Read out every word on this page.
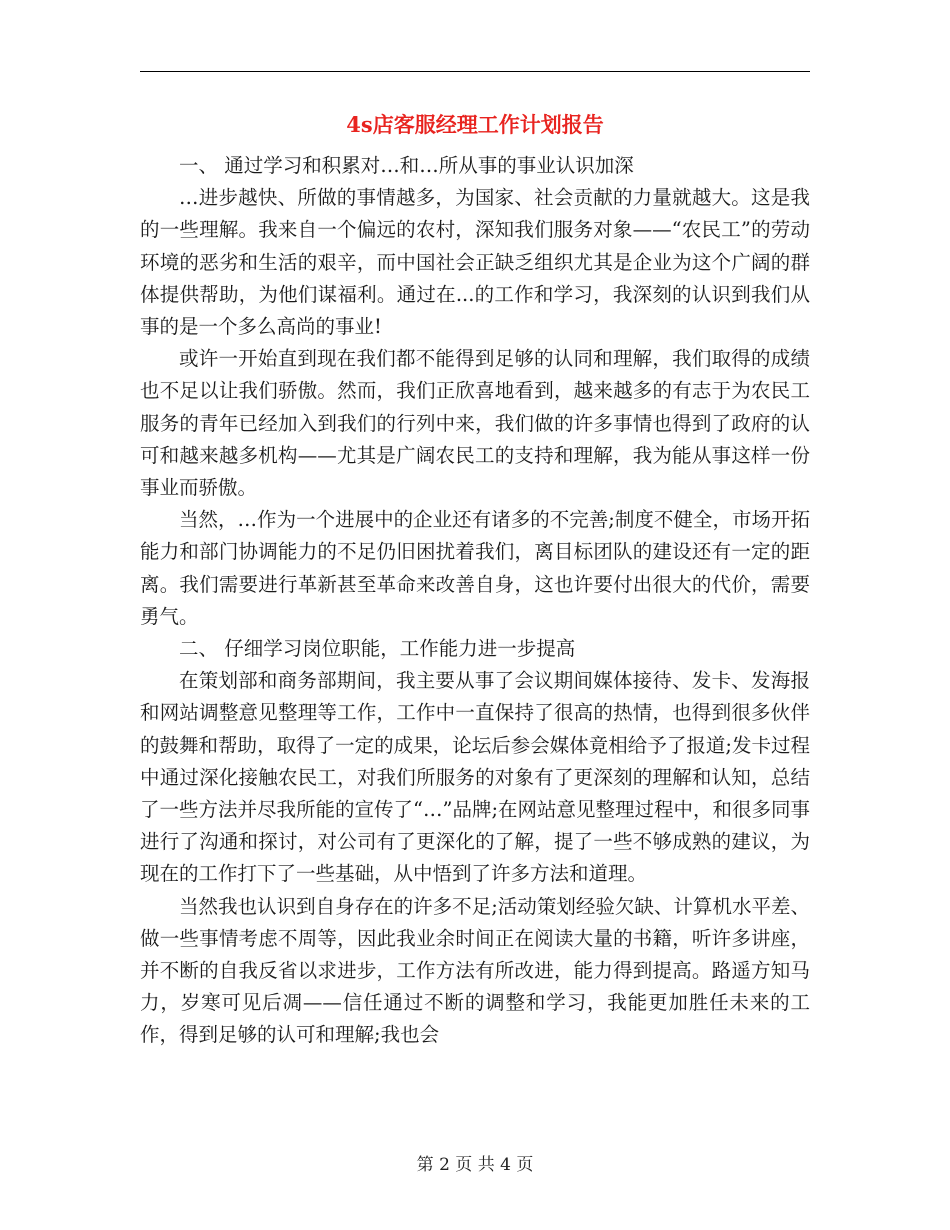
4s店客服经理工作计划报告

一、 通过学习和积累对…和…所从事的事业认识加深

…进步越快、所做的事情越多，为国家、社会贡献的力量就越大。这是我的一些理解。我来自一个偏远的农村，深知我们服务对象——“农民工”的劳动环境的恶劣和生活的艰辛，而中国社会正缺乏组织尤其是企业为这个广阔的群体提供帮助，为他们谋福利。通过在...的工作和学习，我深刻的认识到我们从事的是一个多么高尚的事业!

或许一开始直到现在我们都不能得到足够的认同和理解，我们取得的成绩也不足以让我们骄傲。然而，我们正欣喜地看到，越来越多的有志于为农民工服务的青年已经加入到我们的行列中来，我们做的许多事情也得到了政府的认可和越来越多机构——尤其是广阔农民工的支持和理解，我为能从事这样一份事业而骄傲。

当然，…作为一个进展中的企业还有诸多的不完善;制度不健全，市场开拓能力和部门协调能力的不足仍旧困扰着我们，离目标团队的建设还有一定的距离。我们需要进行革新甚至革命来改善自身，这也许要付出很大的代价，需要勇气。

二、 仔细学习岗位职能，工作能力进一步提高

在策划部和商务部期间，我主要从事了会议期间媒体接待、发卡、发海报和网站调整意见整理等工作，工作中一直保持了很高的热情，也得到很多伙伴的鼓舞和帮助，取得了一定的成果，论坛后参会媒体竟相给予了报道;发卡过程中通过深化接触农民工，对我们所服务的对象有了更深刻的理解和认知，总结了一些方法并尽我所能的宣传了“…”品牌;在网站意见整理过程中，和很多同事进行了沟通和探讨，对公司有了更深化的了解，提了一些不够成熟的建议，为现在的工作打下了一些基础，从中悟到了许多方法和道理。

当然我也认识到自身存在的许多不足;活动策划经验欠缺、计算机水平差、做一些事情考虑不周等，因此我业余时间正在阅读大量的书籍，听许多讲座，并不断的自我反省以求进步，工作方法有所改进，能力得到提高。路遥方知马力，岁寒可见后凋——信任通过不断的调整和学习，我能更加胜任未来的工作，得到足够的认可和理解;我也会

第 2 页 共 4 页
